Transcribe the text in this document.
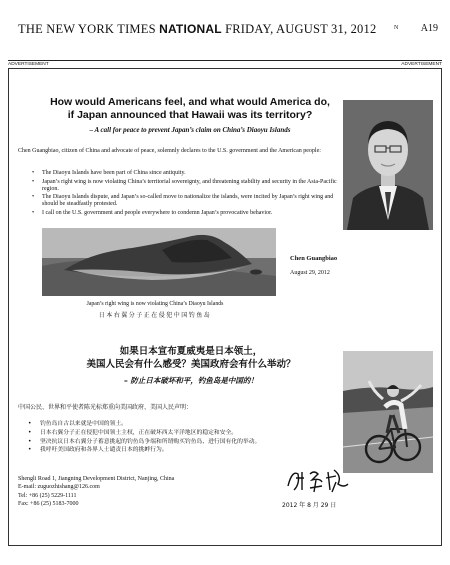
THE NEW YORK TIMES NATIONAL FRIDAY, AUGUST 31, 2012	N A19
ADVERTISEMENT	ADVERTISEMENT
How would Americans feel, and what would America do,
if Japan announced that Hawaii was its territory?
– A call for peace to prevent Japan’s claim on China’s Diaoyu Islands
Chen Guangbiao, citizen of China and advocate of peace, solemnly declares to the U.S. government and the American people:
• The Diaoyu Islands have been part of China since antiquity.
• Japan’s right wing is now violating China’s territorial sovereignty, and threatening stability and security in the Asia-Pacific region.
• The Diaoyu Islands dispute, and Japan’s so-called move to nationalize the islands, were incited by Japan’s right wing and should be steadfastly protested.
• I call on the U.S. government and people everywhere to condemn Japan’s provocative behavior.
Chen Guangbiao
August 29, 2012
Japan’s right wing is now violating China’s Diaoyu Islands
日本右翼分子正在侵犯中国钓鱼岛
如果日本宣布夏威夷是日本领土，
美国人民会有什么感受？美国政府会有什么举动？
– 防止日本破坏和平，钓鱼岛是中国的！
中国公民、世界和平使者陈光标郑重向美国政府、美国人民声明：
• 钓鱼岛自古以来就是中国的领土。
• 日本右翼分子正在侵犯中国领土主权，正在破坏西太平洋地区的稳定和安全。
• 坚决抗议日本右翼分子蓄意挑起的钓鱼岛争端和所谓购买钓鱼岛、进行国有化的举动。
• 我呼吁美国政府和各界人士谴责日本的挑衅行为。
Shengli Road 1, Jiangning Development District, Nanjing, China
E-mail: zuguozhishang@126.com
Tel: +86 (25) 5229-1111
Fax: +86 (25) 5183-7000	2012 年 8 月 29 日
